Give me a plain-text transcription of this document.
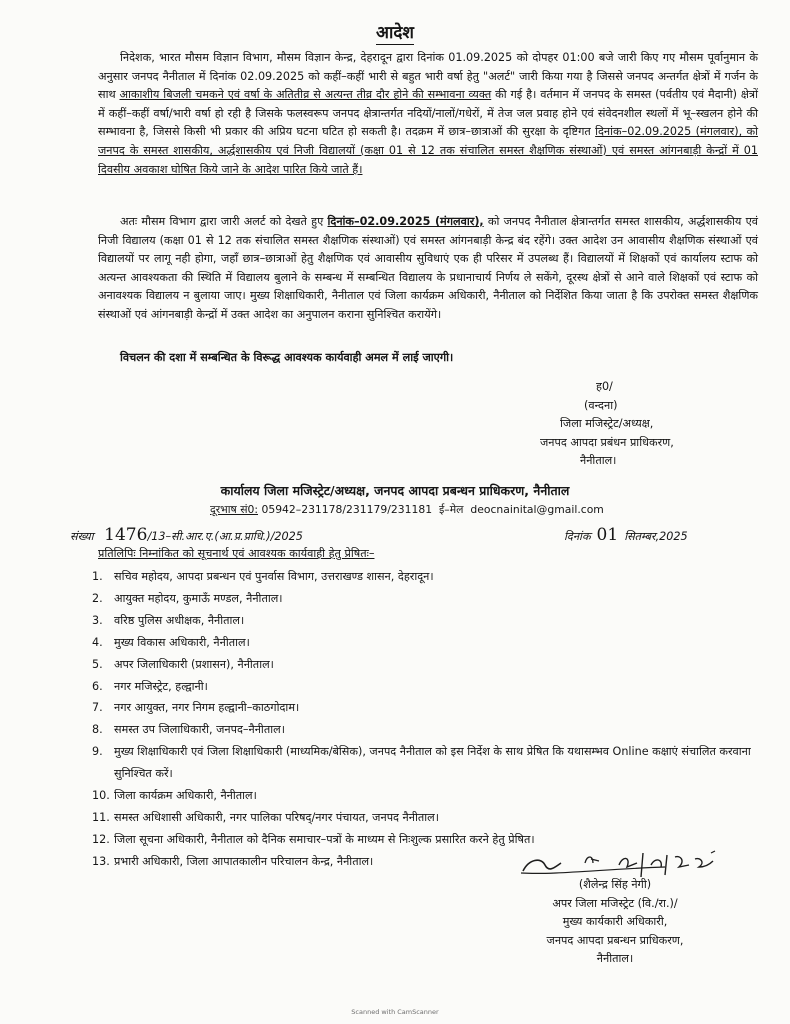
आदेश

निदेशक, भारत मौसम विज्ञान विभाग, मौसम विज्ञान केन्द्र, देहरादून द्वारा दिनांक 01.09.2025 को दोपहर 01:00 बजे जारी किए गए मौसम पूर्वानुमान के अनुसार जनपद नैनीताल में दिनांक 02.09.2025 को कहीं–कहीं भारी से बहुत भारी वर्षा हेतु "अलर्ट" जारी किया गया है जिससे जनपद अन्तर्गत क्षेत्रों में गर्जन के साथ आकाशीय बिजली चमकने एवं वर्षा के अतितीव्र से अत्यन्त तीव्र दौर होने की सम्भावना व्यक्त की गई है। वर्तमान में जनपद के समस्त (पर्वतीय एवं मैदानी) क्षेत्रों में कहीं–कहीं वर्षा/भारी वर्षा हो रही है जिसके फलस्वरूप जनपद क्षेत्रान्तर्गत नदियों/नालों/गधेरों, में तेज जल प्रवाह होने एवं संवेदनशील स्थलों में भू–स्खलन होने की सम्भावना है, जिससे किसी भी प्रकार की अप्रिय घटना घटित हो सकती है। तदक्रम में छात्र–छात्राओं की सुरक्षा के दृष्टिगत दिनांक–02.09.2025 (मंगलवार), को जनपद के समस्त शासकीय, अर्द्धशासकीय एवं निजी विद्यालयों (कक्षा 01 से 12 तक संचालित समस्त शैक्षणिक संस्थाओं) एवं समस्त आंगनबाड़ी केन्द्रों में 01 दिवसीय अवकाश घोषित किये जाने के आदेश पारित किये जाते हैं।

अतः मौसम विभाग द्वारा जारी अलर्ट को देखते हुए दिनांक–02.09.2025 (मंगलवार), को जनपद नैनीताल क्षेत्रान्तर्गत समस्त शासकीय, अर्द्धशासकीय एवं निजी विद्यालय (कक्षा 01 से 12 तक संचालित समस्त शैक्षणिक संस्थाओं) एवं समस्त आंगनबाड़ी केन्द्र बंद रहेंगे। उक्त आदेश उन आवासीय शैक्षणिक संस्थाओं एवं विद्यालयों पर लागू नही होगा, जहाँ छात्र–छात्राओं हेतु शैक्षणिक एवं आवासीय सुविधाएं एक ही परिसर में उपलब्ध हैं। विद्यालयों में शिक्षकों एवं कार्यालय स्टाफ को अत्यन्त आवश्यकता की स्थिति में विद्यालय बुलाने के सम्बन्ध में सम्बन्धित विद्यालय के प्रधानाचार्य निर्णय ले सकेंगे, दूरस्थ क्षेत्रों से आने वाले शिक्षकों एवं स्टाफ को अनावश्यक विद्यालय न बुलाया जाए। मुख्य शिक्षाधिकारी, नैनीताल एवं जिला कार्यक्रम अधिकारी, नैनीताल को निर्देशित किया जाता है कि उपरोक्त समस्त शैक्षणिक संस्थाओं एवं आंगनबाड़ी केन्द्रों में उक्त आदेश का अनुपालन कराना सुनिश्चित करायेंगे।

विचलन की दशा में सम्बन्धित के विरूद्ध आवश्यक कार्यवाही अमल में लाई जाएगी।

ह0/
(वन्दना)
जिला मजिस्ट्रेट/अध्यक्ष,
जनपद आपदा प्रबंधन प्राधिकरण,
नैनीताल।
कार्यालय जिला मजिस्ट्रेट/अध्यक्ष, जनपद आपदा प्रबन्धन प्राधिकरण, नैनीताल
दूरभाष सं0: 05942–231178/231179/231181 ई–मेल deocnainital@gmail.com
संख्या 1476/13–सी.आर.ए.(आ.प्र.प्राधि.)/2025	दिनांक 01 सितम्बर,2025
प्रतिलिपिः निम्नांकित को सूचनार्थ एवं आवश्यक कार्यवाही हेतु प्रेषितः–
1.	सचिव महोदय, आपदा प्रबन्धन एवं पुनर्वास विभाग, उत्तराखण्ड शासन, देहरादून।
2.	आयुक्त महोदय, कुमाऊँ मण्डल, नैनीताल।
3.	वरिष्ठ पुलिस अधीक्षक, नैनीताल।
4.	मुख्य विकास अधिकारी, नैनीताल।
5.	अपर जिलाधिकारी (प्रशासन), नैनीताल।
6.	नगर मजिस्ट्रेट, हल्द्वानी।
7.	नगर आयुक्त, नगर निगम हल्द्वानी–काठगोदाम।
8.	समस्त उप जिलाधिकारी, जनपद–नैनीताल।
9.	मुख्य शिक्षाधिकारी एवं जिला शिक्षाधिकारी (माध्यमिक/बेसिक), जनपद नैनीताल को इस निर्देश के साथ प्रेषित कि यथासम्भव Online कक्षाएं संचालित करवाना सुनिश्चित करें।
10. जिला कार्यक्रम अधिकारी, नैनीताल।
11. समस्त अधिशासी अधिकारी, नगर पालिका परिषद्/नगर पंचायत, जनपद नैनीताल।
12. जिला सूचना अधिकारी, नैनीताल को दैनिक समाचार–पत्रों के माध्यम से निःशुल्क प्रसारित करने हेतु प्रेषित।
13. प्रभारी अधिकारी, जिला आपातकालीन परिचालन केन्द्र, नैनीताल।
(शैलेन्द्र सिंह नेगी)
अपर जिला मजिस्ट्रेट (वि./रा.)/
मुख्य कार्यकारी अधिकारी,
जनपद आपदा प्रबन्धन प्राधिकरण,
नैनीताल।
Scanned with CamScanner
